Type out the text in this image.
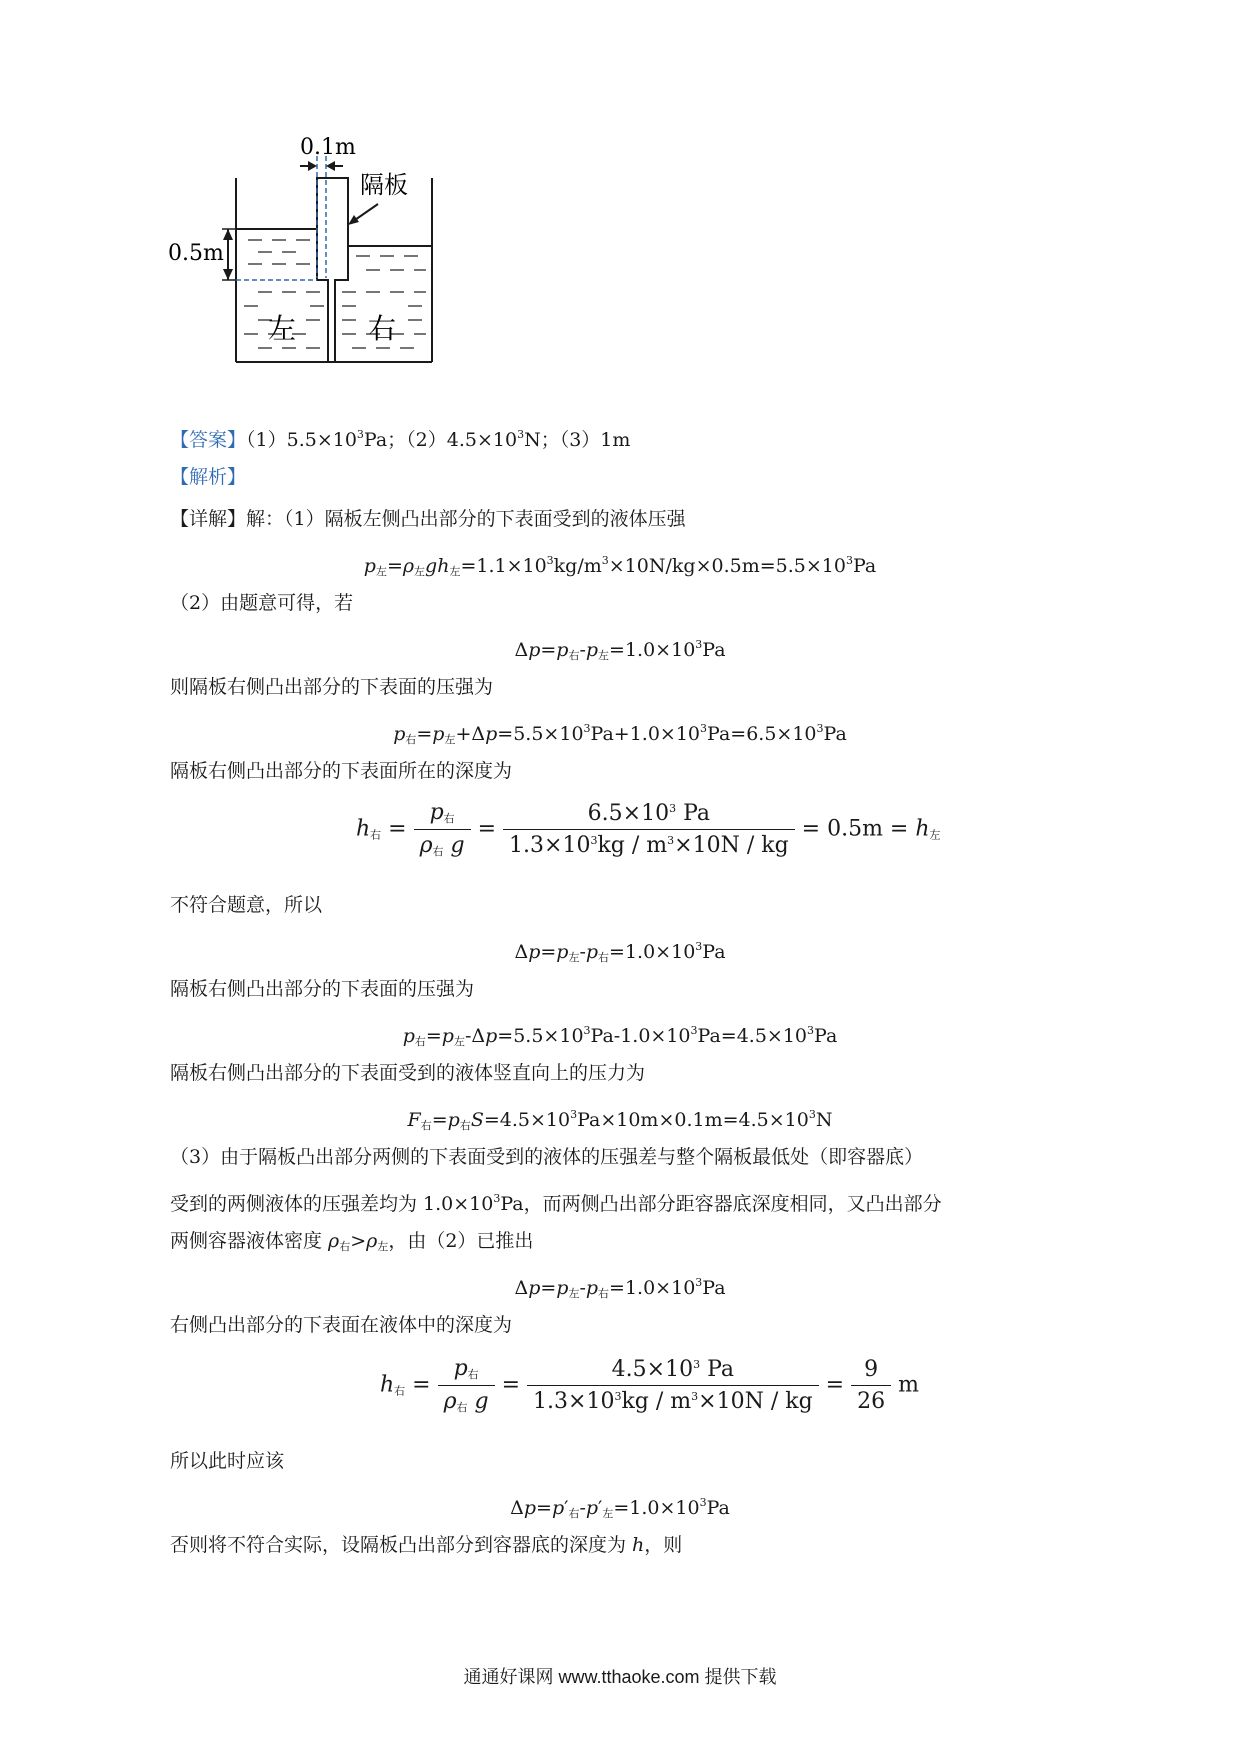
0.1m
隔板
0.5m
左	右
【答案】$(1)5.5\times 10^3Pa$；$(2)4.5\times 10^3N$；（3）1m
【解析】
【详解】解：（1）隔板左侧凸出部分的下表面受到的液体压强
$p_左=\rho_左gh_左=1.1\times 10^3kg/m^3\times 10N/kg\times 0.5m=5.5\times 10^3Pa$
（2）由题意可得，若
$\Delta p=p_右-p_左=1.0\times 10^3Pa$
则隔板右侧凸出部分的下表面的压强为
$p_右=p_左+\Delta p=5.5\times 10^3Pa+1.0\times 10^3Pa=6.5\times 10^3Pa$
隔板右侧凸出部分的下表面所在的深度为
$h_右 = \frac{p_右}{\rho_右 g} = \frac{6.5\times 10^3 Pa}{1.3\times 10^3kg / m^3\times 10N / kg} = 0.5m = h_左$
不符合题意，所以
$\Delta p=p_左-p_右=1.0\times 10^3Pa$
隔板右侧凸出部分的下表面的压强为
$p_右=p_左-\Delta p=5.5\times 10^3Pa-1.0\times 10^3Pa=4.5\times 10^3Pa$
隔板右侧凸出部分的下表面受到的液体竖直向上的压力为
$F_右=p_右S=4.5\times 10^3Pa\times 10m\times 0.1m=4.5\times 10^3N$
（3）由于隔板凸出部分两侧的下表面受到的液体的压强差与整个隔板最低处（即容器底）
受到的两侧液体的压强差均为 $1.0\times 10^3Pa$，而两侧凸出部分距容器底深度相同，又凸出部分
两侧容器液体密度 $\rho_右>\rho_左$，由（2）已推出
$\Delta p=p_左-p_右=1.0\times 10^3Pa$
右侧凸出部分的下表面在液体中的深度为
$h_右 = \frac{p_右}{\rho_右 g} = \frac{4.5\times 10^3 Pa}{1.3\times 10^3kg / m^3\times 10N / kg} = \frac{9}{26}$ m
所以此时应该
$\Delta p=p'_右-p'_左=1.0\times 10^3Pa$
否则将不符合实际，设隔板凸出部分到容器底的深度为 h，则
通通好课网 www.tthaoke.com 提供下载
